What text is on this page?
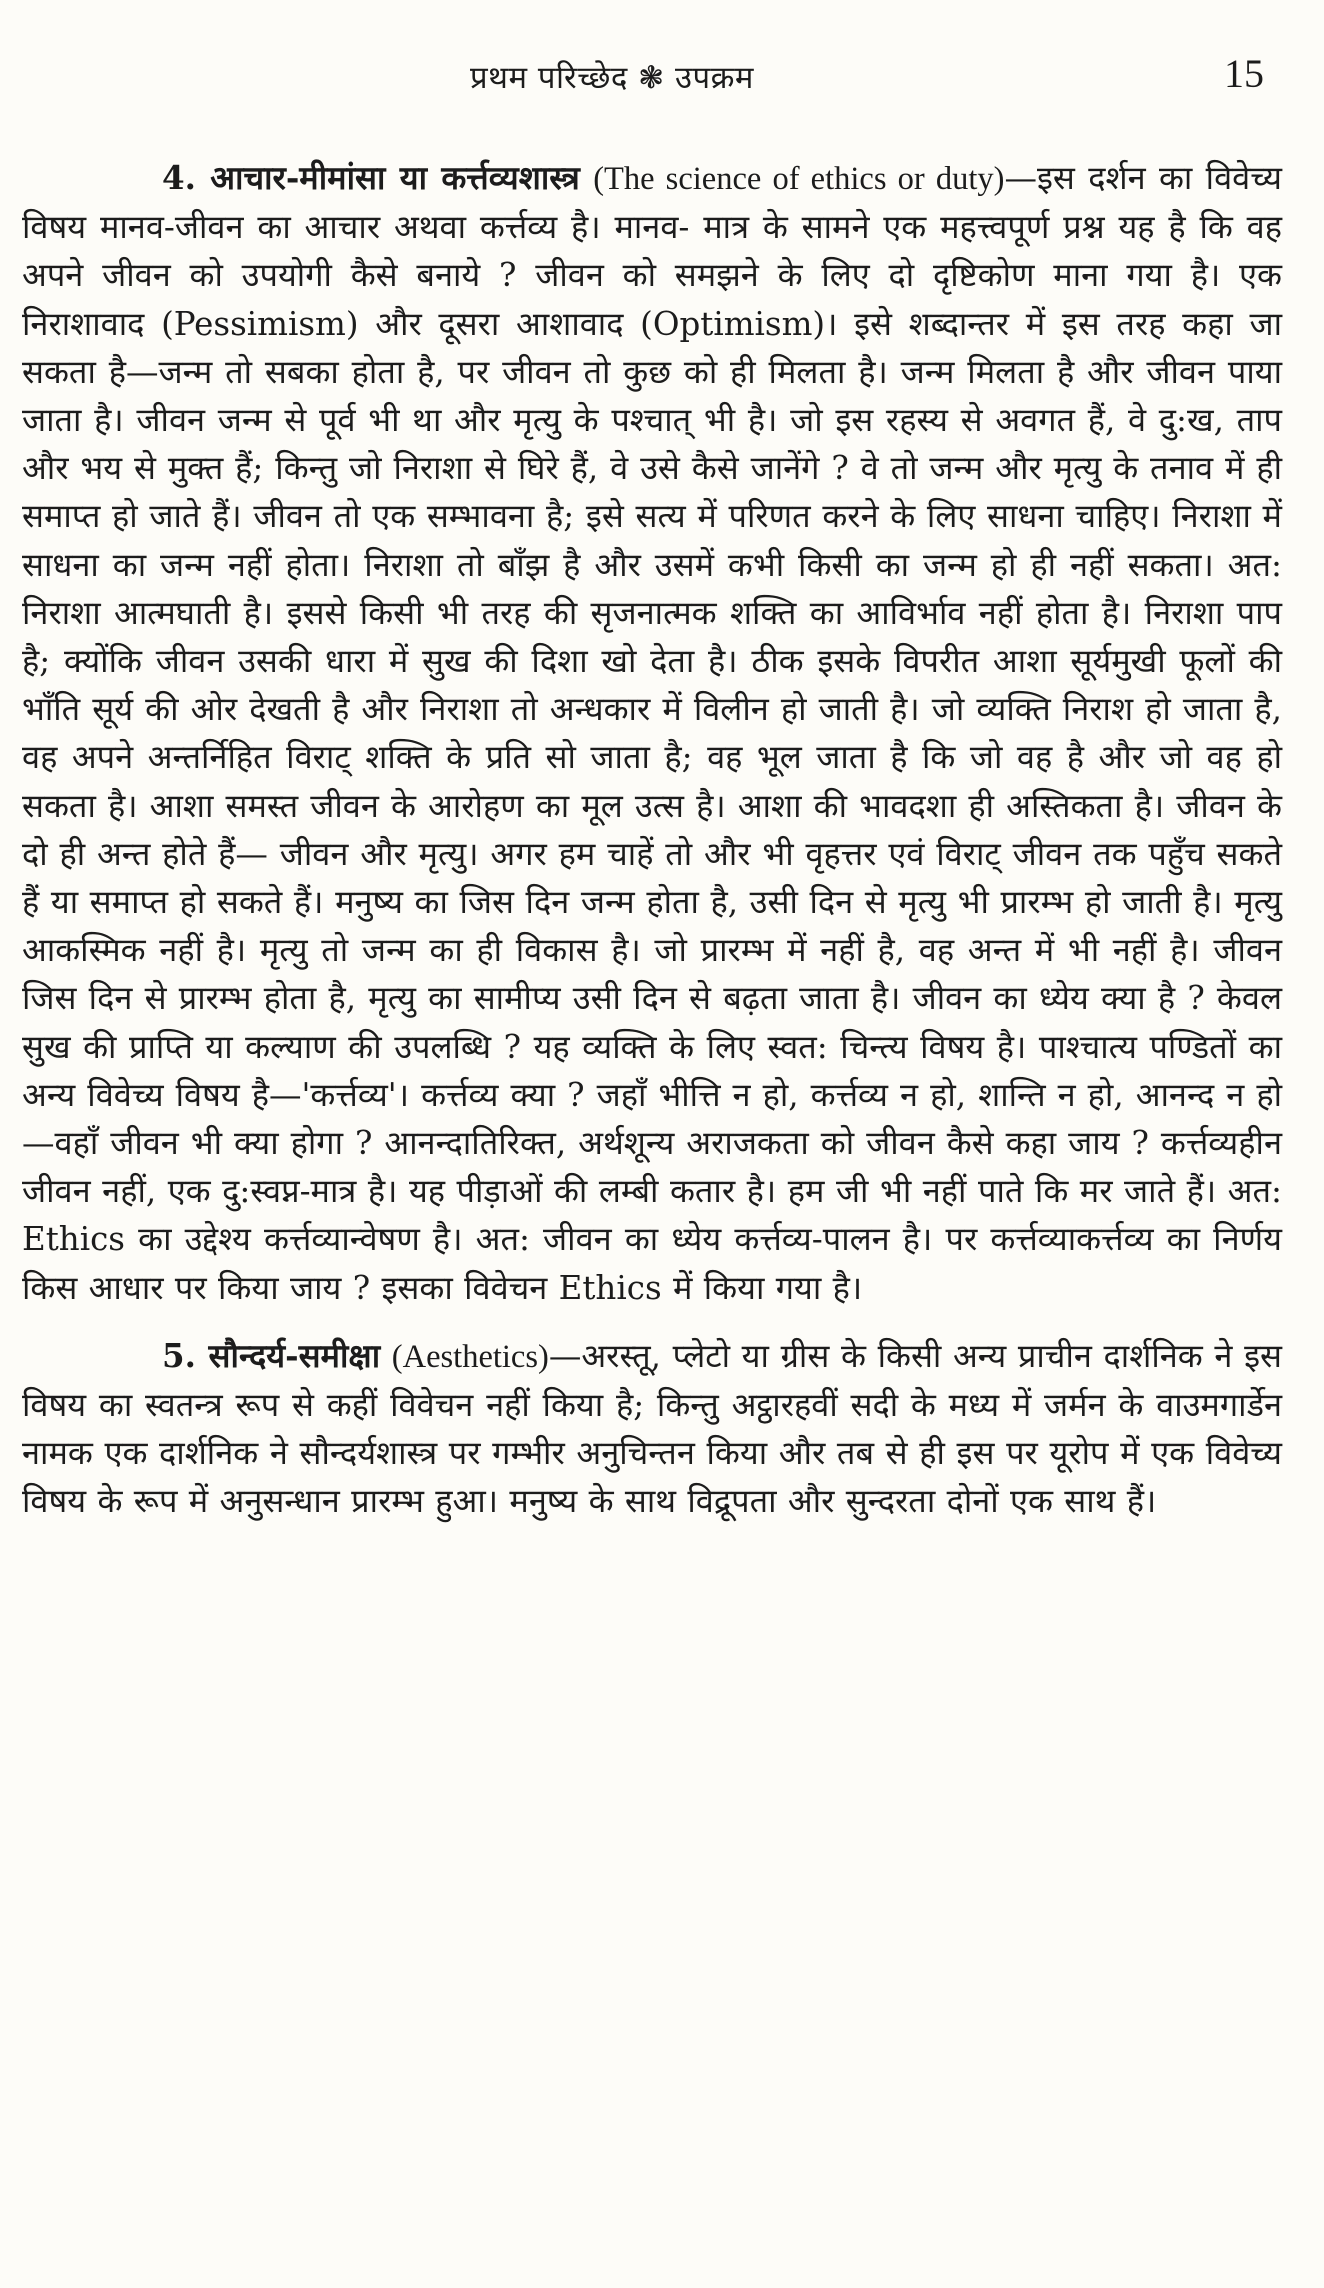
प्रथम परिच्छेद ❃ उपक्रम	15

4. आचार-मीमांसा या कर्त्तव्यशास्त्र (The science of ethics or duty)—इस दर्शन का विवेच्य विषय मानव-जीवन का आचार अथवा कर्त्तव्य है। मानव- मात्र के सामने एक महत्त्वपूर्ण प्रश्न यह है कि वह अपने जीवन को उपयोगी कैसे बनाये ? जीवन को समझने के लिए दो दृष्टिकोण माना गया है। एक निराशावाद (Pessimism) और दूसरा आशावाद (Optimism)। इसे शब्दान्तर में इस तरह कहा जा सकता है—जन्म तो सबका होता है, पर जीवन तो कुछ को ही मिलता है। जन्म मिलता है और जीवन पाया जाता है। जीवन जन्म से पूर्व भी था और मृत्यु के पश्चात् भी है। जो इस रहस्य से अवगत हैं, वे दु:ख, ताप और भय से मुक्त हैं; किन्तु जो निराशा से घिरे हैं, वे उसे कैसे जानेंगे ? वे तो जन्म और मृत्यु के तनाव में ही समाप्त हो जाते हैं। जीवन तो एक सम्भावना है; इसे सत्य में परिणत करने के लिए साधना चाहिए। निराशा में साधना का जन्म नहीं होता। निराशा तो बाँझ है और उसमें कभी किसी का जन्म हो ही नहीं सकता। अत: निराशा आत्मघाती है। इससे किसी भी तरह की सृजनात्मक शक्ति का आविर्भाव नहीं होता है। निराशा पाप है; क्योंकि जीवन उसकी धारा में सुख की दिशा खो देता है। ठीक इसके विपरीत आशा सूर्यमुखी फूलों की भाँति सूर्य की ओर देखती है और निराशा तो अन्धकार में विलीन हो जाती है। जो व्यक्ति निराश हो जाता है, वह अपने अन्तर्निहित विराट् शक्ति के प्रति सो जाता है; वह भूल जाता है कि जो वह है और जो वह हो सकता है। आशा समस्त जीवन के आरोहण का मूल उत्स है। आशा की भावदशा ही अस्तिकता है। जीवन के दो ही अन्त होते हैं— जीवन और मृत्यु। अगर हम चाहें तो और भी वृहत्तर एवं विराट् जीवन तक पहुँच सकते हैं या समाप्त हो सकते हैं। मनुष्य का जिस दिन जन्म होता है, उसी दिन से मृत्यु भी प्रारम्भ हो जाती है। मृत्यु आकस्मिक नहीं है। मृत्यु तो जन्म का ही विकास है। जो प्रारम्भ में नहीं है, वह अन्त में भी नहीं है। जीवन जिस दिन से प्रारम्भ होता है, मृत्यु का सामीप्य उसी दिन से बढ़ता जाता है। जीवन का ध्येय क्या है ? केवल सुख की प्राप्ति या कल्याण की उपलब्धि ? यह व्यक्ति के लिए स्वत: चिन्त्य विषय है। पाश्चात्य पण्डितों का अन्य विवेच्य विषय है—'कर्त्तव्य'। कर्त्तव्य क्या ? जहाँ भीत्ति न हो, कर्त्तव्य न हो, शान्ति न हो, आनन्द न हो—वहाँ जीवन भी क्या होगा ? आनन्दातिरिक्त, अर्थशून्य अराजकता को जीवन कैसे कहा जाय ? कर्त्तव्यहीन जीवन नहीं, एक दु:स्वप्न-मात्र है। यह पीड़ाओं की लम्बी कतार है। हम जी भी नहीं पाते कि मर जाते हैं। अत: Ethics का उद्देश्य कर्त्तव्यान्वेषण है। अत: जीवन का ध्येय कर्त्तव्य-पालन है। पर कर्त्तव्याकर्त्तव्य का निर्णय किस आधार पर किया जाय ? इसका विवेचन Ethics में किया गया है।

5. सौन्दर्य-समीक्षा (Aesthetics)—अरस्तू, प्लेटो या ग्रीस के किसी अन्य प्राचीन दार्शनिक ने इस विषय का स्वतन्त्र रूप से कहीं विवेचन नहीं किया है; किन्तु अट्ठारहवीं सदी के मध्य में जर्मन के वाउमगार्डेन नामक एक दार्शनिक ने सौन्दर्यशास्त्र पर गम्भीर अनुचिन्तन किया और तब से ही इस पर यूरोप में एक विवेच्य विषय के रूप में अनुसन्धान प्रारम्भ हुआ। मनुष्य के साथ विद्रूपता और सुन्दरता दोनों एक साथ हैं।
